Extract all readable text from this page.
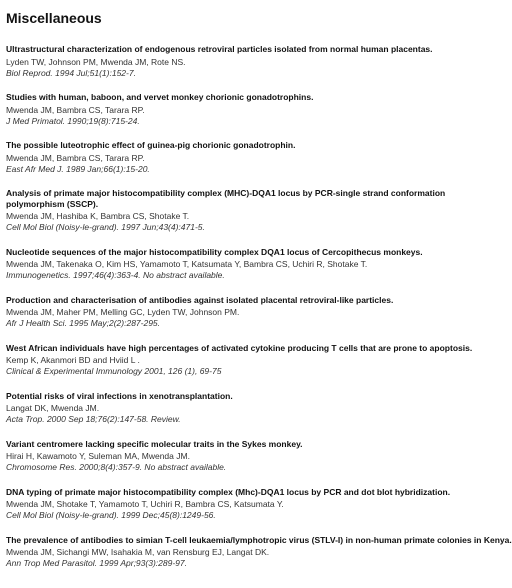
Miscellaneous
Ultrastructural characterization of endogenous retroviral particles isolated from normal human placentas.
Lyden TW, Johnson PM, Mwenda JM, Rote NS.
Biol Reprod. 1994 Jul;51(1):152-7.
Studies with human, baboon, and vervet monkey chorionic gonadotrophins.
Mwenda JM, Bambra CS, Tarara RP.
J Med Primatol. 1990;19(8):715-24.
The possible luteotrophic effect of guinea-pig chorionic gonadotrophin.
Mwenda JM, Bambra CS, Tarara RP.
East Afr Med J. 1989 Jan;66(1):15-20.
Analysis of primate major histocompatibility complex (MHC)-DQA1 locus by PCR-single strand conformation polymorphism (SSCP).
Mwenda JM, Hashiba K, Bambra CS, Shotake T.
Cell Mol Biol (Noisy-le-grand). 1997 Jun;43(4):471-5.
Nucleotide sequences of the major histocompatibility complex DQA1 locus of Cercopithecus monkeys.
Mwenda JM, Takenaka O, Kim HS, Yamamoto T, Katsumata Y, Bambra CS, Uchiri R, Shotake T.
Immunogenetics. 1997;46(4):363-4. No abstract available.
Production and characterisation of antibodies against isolated placental retroviral-like particles.
Mwenda JM, Maher PM, Melling GC, Lyden TW, Johnson PM.
Afr J Health Sci. 1995 May;2(2):287-295.
West African individuals have high percentages of activated cytokine producing T cells that are prone to apoptosis.
Kemp K, Akanmori BD and Hviid L .
Clinical & Experimental Immunology 2001, 126 (1), 69-75
Potential risks of viral infections in xenotransplantation.
Langat DK, Mwenda JM.
Acta Trop. 2000 Sep 18;76(2):147-58. Review.
Variant centromere lacking specific molecular traits in the Sykes monkey.
Hirai H, Kawamoto Y, Suleman MA, Mwenda JM.
Chromosome Res. 2000;8(4):357-9. No abstract available.
DNA typing of primate major histocompatibility complex (Mhc)-DQA1 locus by PCR and dot blot hybridization.
Mwenda JM, Shotake T, Yamamoto T, Uchiri R, Bambra CS, Katsumata Y.
Cell Mol Biol (Noisy-le-grand). 1999 Dec;45(8):1249-56.
The prevalence of antibodies to simian T-cell leukaemia/lymphotropic virus (STLV-I) in non-human primate colonies in Kenya.
Mwenda JM, Sichangi MW, Isahakia M, van Rensburg EJ, Langat DK.
Ann Trop Med Parasitol. 1999 Apr;93(3):289-97.
